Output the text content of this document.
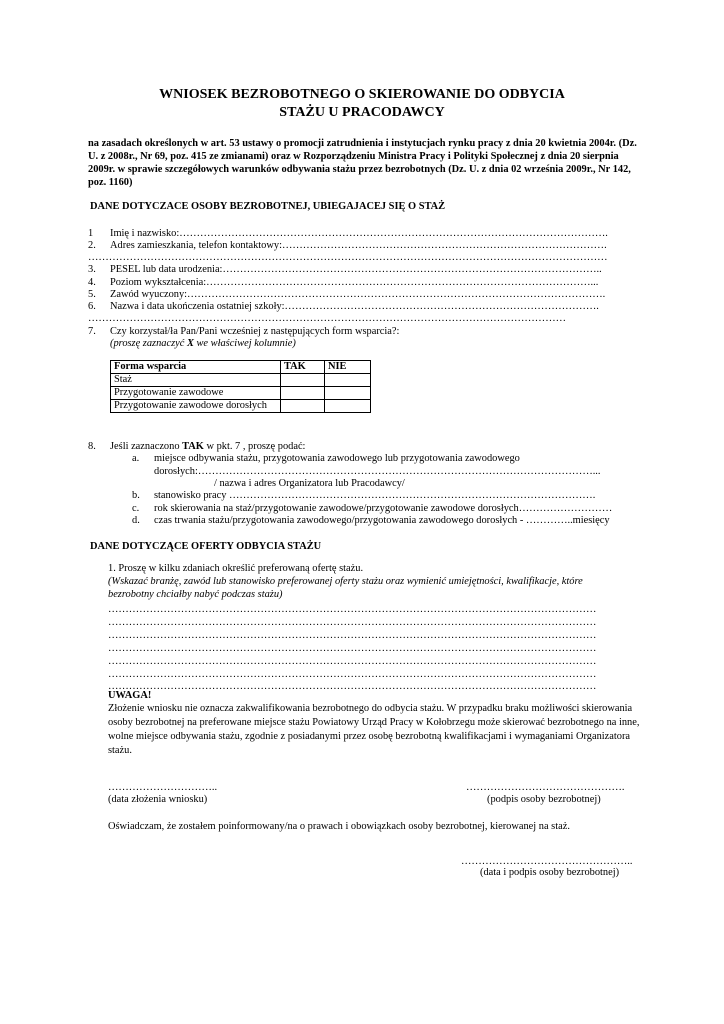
WNIOSEK BEZROBOTNEGO O SKIEROWANIE DO ODBYCIA
STAŻU U PRACODAWCY
na zasadach określonych w art. 53 ustawy o promocji zatrudnienia i instytucjach rynku pracy z dnia 20 kwietnia 2004r. (Dz. U. z 2008r., Nr 69, poz. 415 ze zmianami) oraz w Rozporządzeniu Ministra Pracy i Polityki Społecznej z dnia 20 sierpnia 2009r. w sprawie szczegółowych warunków odbywania stażu przez bezrobotnych (Dz. U. z dnia 02 września 2009r., Nr 142, poz. 1160)
DANE DOTYCZACE OSOBY BEZROBOTNEJ, UBIEGAJACEJ SIĘ O STAŻ
1 Imię i nazwisko:…………………………………………………………………………………………………………….
2. Adres zamieszkania, telefon kontaktowy:………………………………………………………………………………….
……………………………………………………………………………………………………………………………………
3. PESEL lub data urodzenia:………………………………………………………………………………………………..
4. Poziom wykształcenia:…………………………………………………………………………………………………...
5. Zawód wyuczony:………………………………………………………………………………………………………….
6. Nazwa i data ukończenia ostatniej szkoły:……………………………………………………………………………….
…………………………………………………………………………………………………………………………
7. Czy korzystał/ła Pan/Pani wcześniej z następujących form wsparcia?:
(proszę zaznaczyć X we właściwej kolumnie)
Forma wsparcia	TAK	NIE
Staż		
Przygotowanie zawodowe		
Przygotowanie zawodowe dorosłych		
8. Jeśli zaznaczono TAK w pkt. 7 , proszę podać:
a. miejsce odbywania stażu, przygotowania zawodowego lub przygotowania zawodowego
dorosłych:……………………………………………………………………………………………………...
/ nazwa i adres Organizatora lub Pracodawcy/
b. stanowisko pracy …………………………………………………………………………………………….
c. rok skierowania na staż/przygotowanie zawodowe/przygotowanie zawodowe dorosłych………………………
d. czas trwania stażu/przygotowania zawodowego/przygotowania zawodowego dorosłych - …………..miesięcy
DANE DOTYCZĄCE OFERTY ODBYCIA STAŻU
1. Proszę w kilku zdaniach określić preferowaną ofertę stażu.
(Wskazać branżę, zawód lub stanowisko preferowanej oferty stażu oraz wymienić umiejętności, kwalifikacje, które
bezrobotny chciałby nabyć podczas stażu)
……………………………………………………………………………………………………………………………
……………………………………………………………………………………………………………………………
……………………………………………………………………………………………………………………………
……………………………………………………………………………………………………………………………
……………………………………………………………………………………………………………………………
……………………………………………………………………………………………………………………………
……………………………………………………………………………………………………………………………
UWAGA!
Złożenie wniosku nie oznacza zakwalifikowania bezrobotnego do odbycia stażu. W przypadku braku możliwości skierowania osoby bezrobotnej na preferowane miejsce stażu Powiatowy Urząd Pracy w Kołobrzegu może skierować bezrobotnego na inne, wolne miejsce odbywania stażu, zgodnie z posiadanymi przez osobę bezrobotną kwalifikacjami i wymaganiami Organizatora stażu.
…………………………..	……………………………………….
(data złożenia wniosku)	(podpis osoby bezrobotnej)
Oświadczam, że zostałem poinformowany/na o prawach i obowiązkach osoby bezrobotnej, kierowanej na staż.
…………………………………………..
(data i podpis osoby bezrobotnej)
